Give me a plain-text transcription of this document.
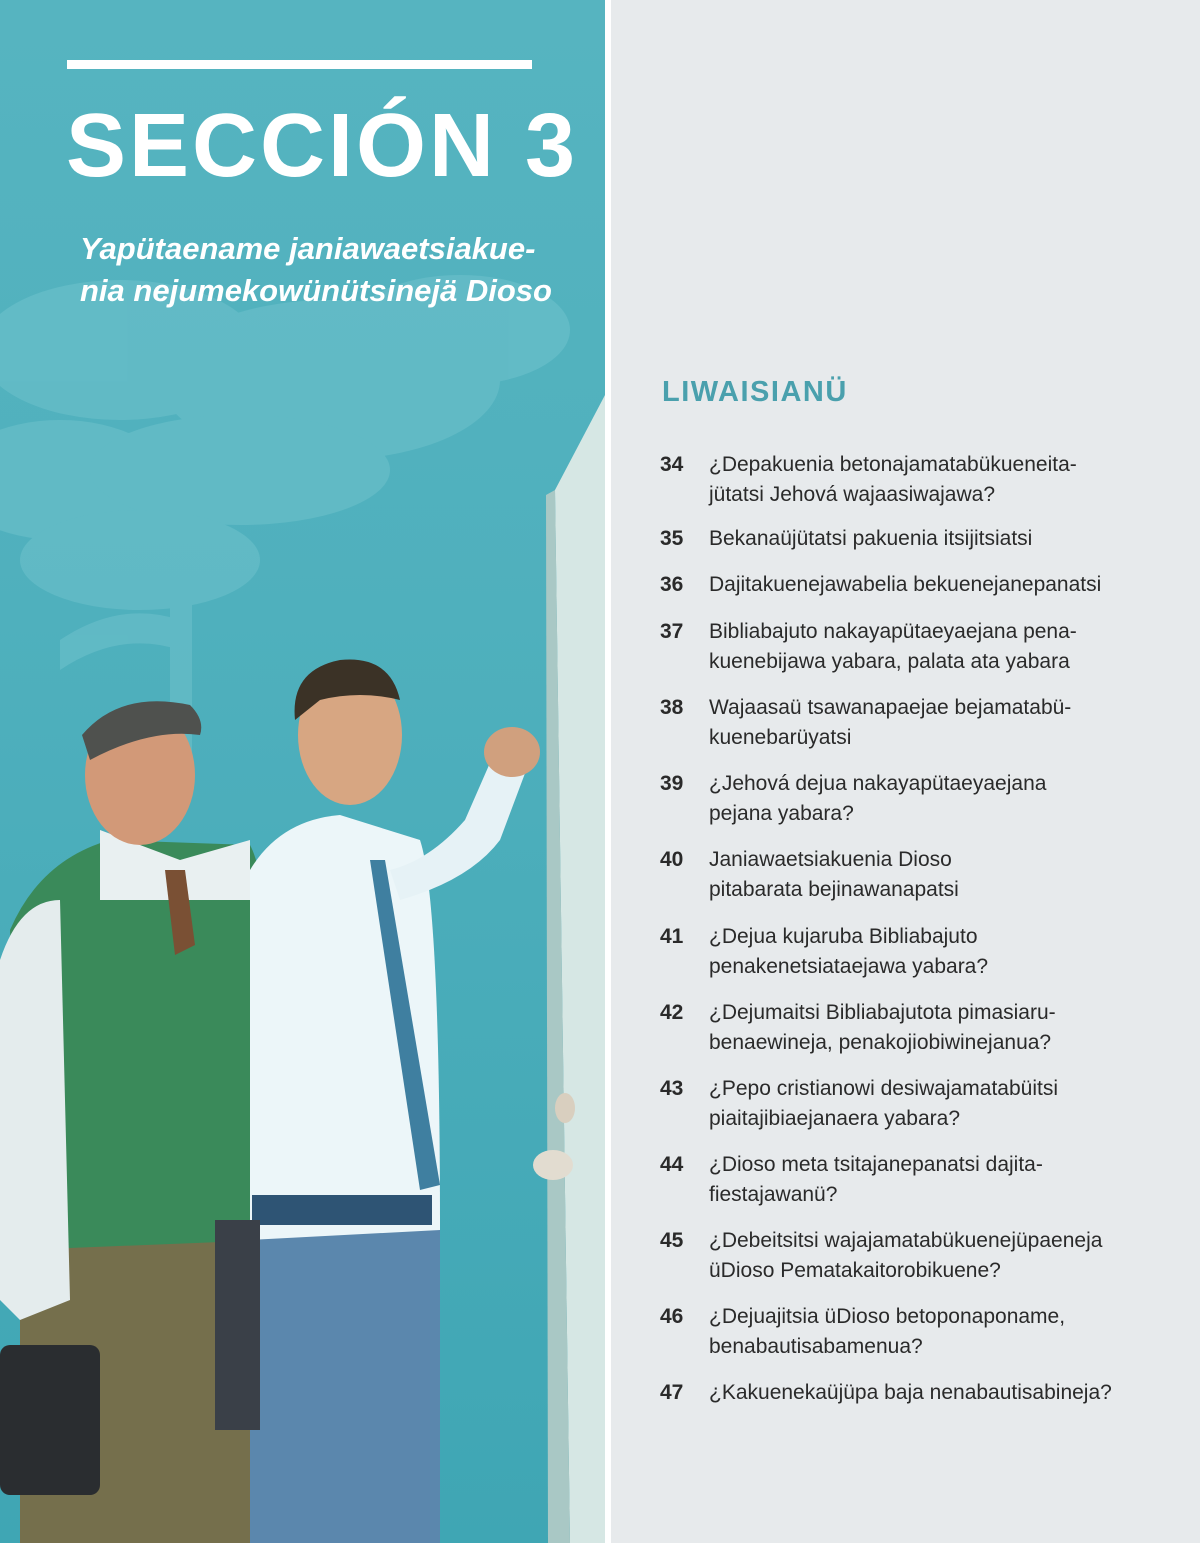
SECCIÓN 3

Yapütaename janiawaetsiakue-
nia nejumekowünütsinejä Dioso

LIWAISIANÜ
34 ¿Depakuenia betonajamatabükueneita-
jütatsi Jehová wajaasiwajawa?
35 Bekanaüjütatsi pakuenia itsijitsiatsi
36 Dajitakuenejawabelia bekuenejanepanatsi
37 Bibliabajuto nakayapütaeyaejana pena-
kuenebijawa yabara, palata ata yabara
38 Wajaasaü tsawanapaejae bejamatabü-
kuenebarüyatsi
39 ¿Jehová dejua nakayapütaeyaejana
pejana yabara?
40 Janiawaetsiakuenia Dioso
pitabarata bejinawanapatsi
41 ¿Dejua kujaruba Bibliabajuto
penakenetsiataejawa yabara?
42 ¿Dejumaitsi Bibliabajutota pimasiaru-
benaewineja, penakojiobiwinejanua?
43 ¿Pepo cristianowi desiwajamatabüitsi
piaitajibiaejanaera yabara?
44 ¿Dioso meta tsitajanepanatsi dajita-
fiestajawanü?
45 ¿Debeitsitsi wajajamatabükuenejüpaeneja
üDioso Pematakaitorobikuene?
46 ¿Dejuajitsia üDioso betoponaponame,
benabautisabamenua?
47 ¿Kakuenekaüjüpa baja nenabautisabineja?
